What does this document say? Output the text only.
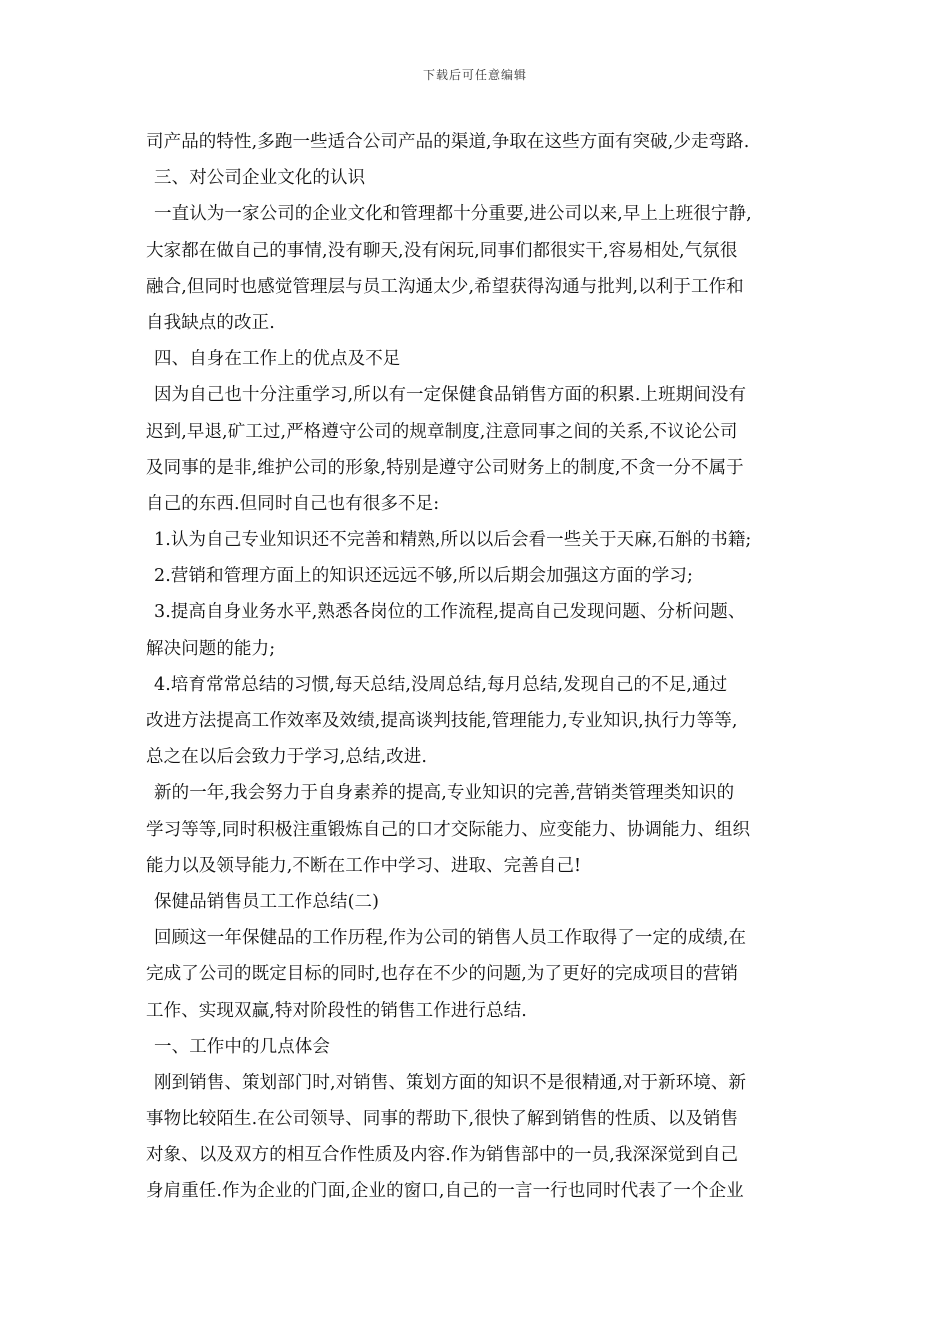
下载后可任意编辑
司产品的特性,多跑一些适合公司产品的渠道,争取在这些方面有突破,少走弯路.
三、对公司企业文化的认识
一直认为一家公司的企业文化和管理都十分重要,进公司以来,早上上班很宁静,
大家都在做自己的事情,没有聊天,没有闲玩,同事们都很实干,容易相处,气氛很
融合,但同时也感觉管理层与员工沟通太少,希望获得沟通与批判,以利于工作和
自我缺点的改正.
四、自身在工作上的优点及不足
因为自己也十分注重学习,所以有一定保健食品销售方面的积累.上班期间没有
迟到,早退,矿工过,严格遵守公司的规章制度,注意同事之间的关系,不议论公司
及同事的是非,维护公司的形象,特别是遵守公司财务上的制度,不贪一分不属于
自己的东西.但同时自己也有很多不足:
1.认为自己专业知识还不完善和精熟,所以以后会看一些关于天麻,石斛的书籍;
2.营销和管理方面上的知识还远远不够,所以后期会加强这方面的学习;
3.提高自身业务水平,熟悉各岗位的工作流程,提高自己发现问题、分析问题、
解决问题的能力;
4.培育常常总结的习惯,每天总结,没周总结,每月总结,发现自己的不足,通过
改进方法提高工作效率及效绩,提高谈判技能,管理能力,专业知识,执行力等等,
总之在以后会致力于学习,总结,改进.
新的一年,我会努力于自身素养的提高,专业知识的完善,营销类管理类知识的
学习等等,同时积极注重锻炼自己的口才交际能力、应变能力、协调能力、组织
能力以及领导能力,不断在工作中学习、进取、完善自己!
保健品销售员工工作总结(二)
回顾这一年保健品的工作历程,作为公司的销售人员工作取得了一定的成绩,在
完成了公司的既定目标的同时,也存在不少的问题,为了更好的完成项目的营销
工作、实现双赢,特对阶段性的销售工作进行总结.
一、工作中的几点体会
刚到销售、策划部门时,对销售、策划方面的知识不是很精通,对于新环境、新
事物比较陌生.在公司领导、同事的帮助下,很快了解到销售的性质、以及销售
对象、以及双方的相互合作性质及内容.作为销售部中的一员,我深深觉到自己
身肩重任.作为企业的门面,企业的窗口,自己的一言一行也同时代表了一个企业
